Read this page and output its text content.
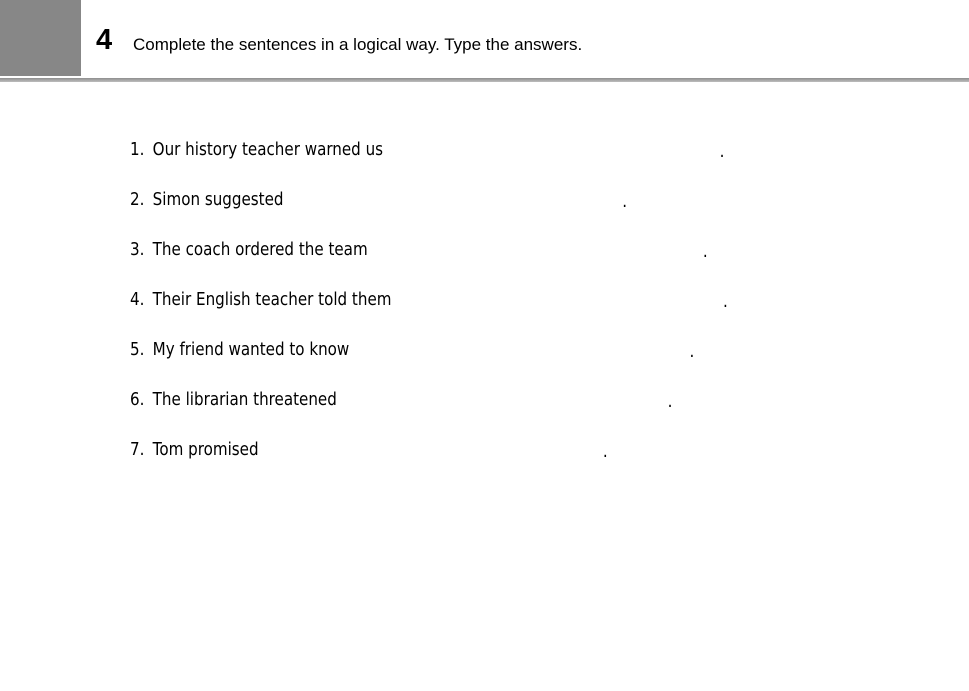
4 Complete the sentences in a logical way. Type the answers.
1. Our history teacher warned us	.
2. Simon suggested	.
3. The coach ordered the team	.
4. Their English teacher told them	.
5. My friend wanted to know	.
6. The librarian threatened	.
7. Tom promised	.
